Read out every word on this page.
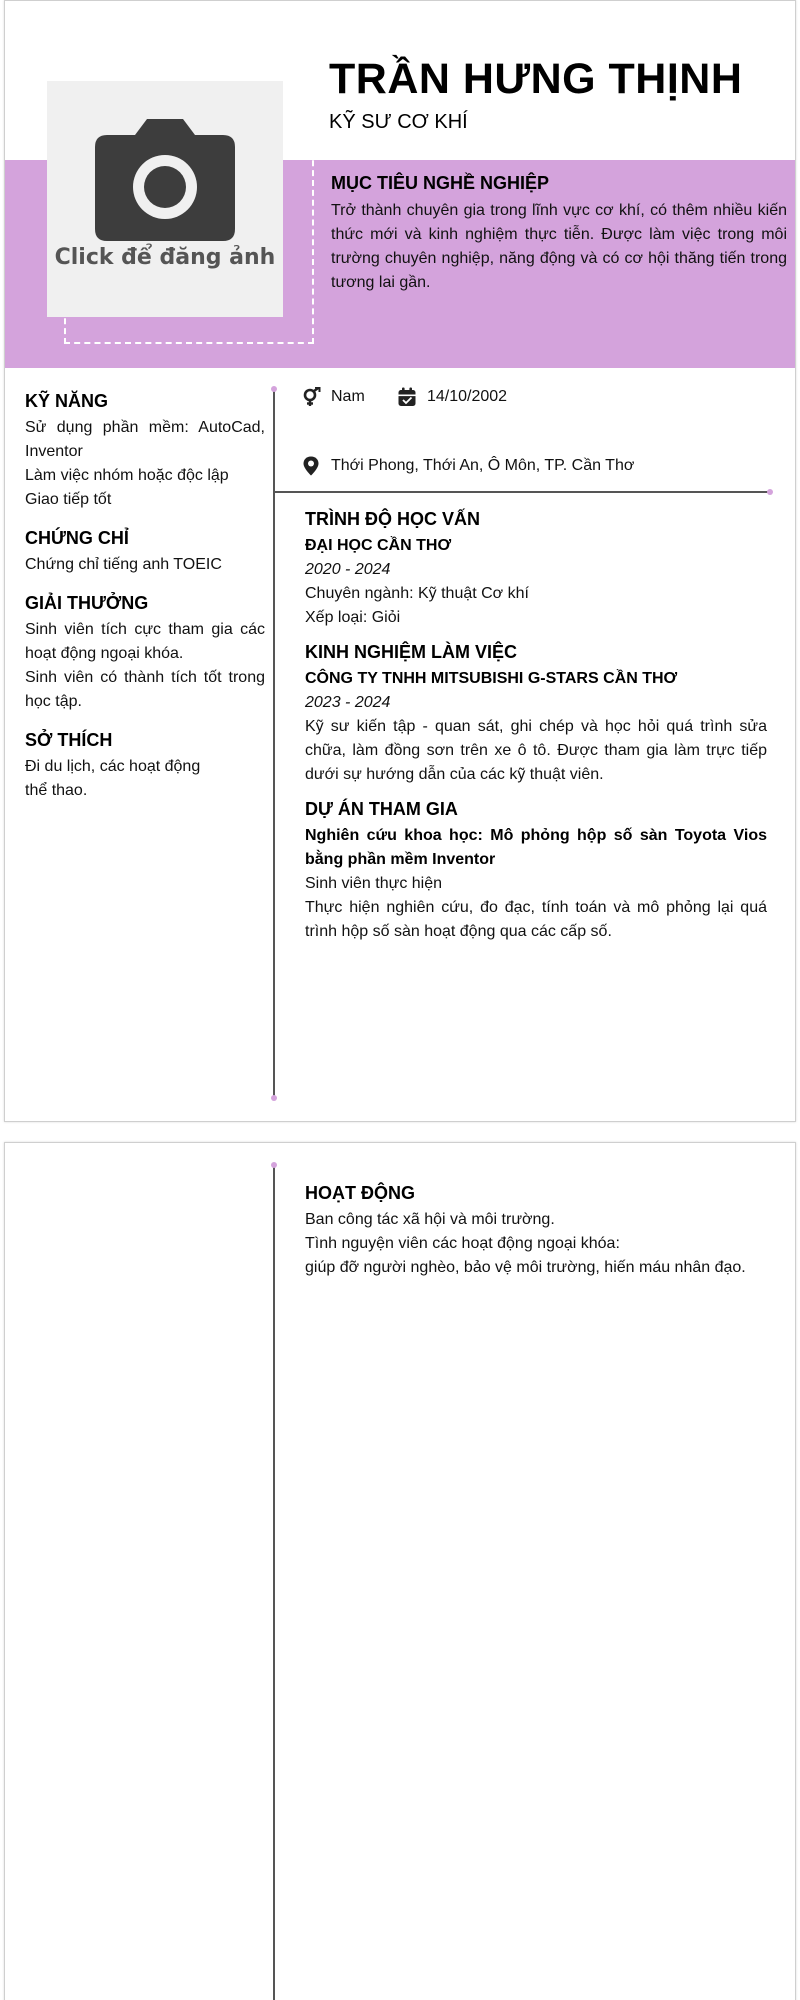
Click để đăng ảnh
TRẦN HƯNG THỊNH
KỸ SƯ CƠ KHÍ
MỤC TIÊU NGHỀ NGHIỆP
Trở thành chuyên gia trong lĩnh vực cơ khí, có thêm nhiều kiến thức mới và kinh nghiệm thực tiễn. Được làm việc trong môi trường chuyên nghiệp, năng động và có cơ hội thăng tiến trong tương lai gần.
KỸ NĂNG
Sử dụng phần mềm: AutoCad, Inventor
Làm việc nhóm hoặc độc lập
Giao tiếp tốt
CHỨNG CHỈ
Chứng chỉ tiếng anh TOEIC
GIẢI THƯỞNG
Sinh viên tích cực tham gia các hoạt động ngoại khóa.
Sinh viên có thành tích tốt trong học tập.
SỞ THÍCH
Đi du lịch, các hoạt động thể thao.
Nam	14/10/2002
Thới Phong, Thới An, Ô Môn, TP. Cần Thơ
TRÌNH ĐỘ HỌC VẤN
ĐẠI HỌC CẦN THƠ
2020 - 2024
Chuyên ngành: Kỹ thuật Cơ khí
Xếp loại: Giỏi
KINH NGHIỆM LÀM VIỆC
CÔNG TY TNHH MITSUBISHI G-STARS CẦN THƠ
2023 - 2024
Kỹ sư kiến tập - quan sát, ghi chép và học hỏi quá trình sửa chữa, làm đồng sơn trên xe ô tô. Được tham gia làm trực tiếp dưới sự hướng dẫn của các kỹ thuật viên.
DỰ ÁN THAM GIA
Nghiên cứu khoa học: Mô phỏng hộp số sàn Toyota Vios bằng phần mềm Inventor
Sinh viên thực hiện
Thực hiện nghiên cứu, đo đạc, tính toán và mô phỏng lại quá trình hộp số sàn hoạt động qua các cấp số.
HOẠT ĐỘNG
Ban công tác xã hội và môi trường.
Tình nguyện viên các hoạt động ngoại khóa:
giúp đỡ người nghèo, bảo vệ môi trường, hiến máu nhân đạo.
